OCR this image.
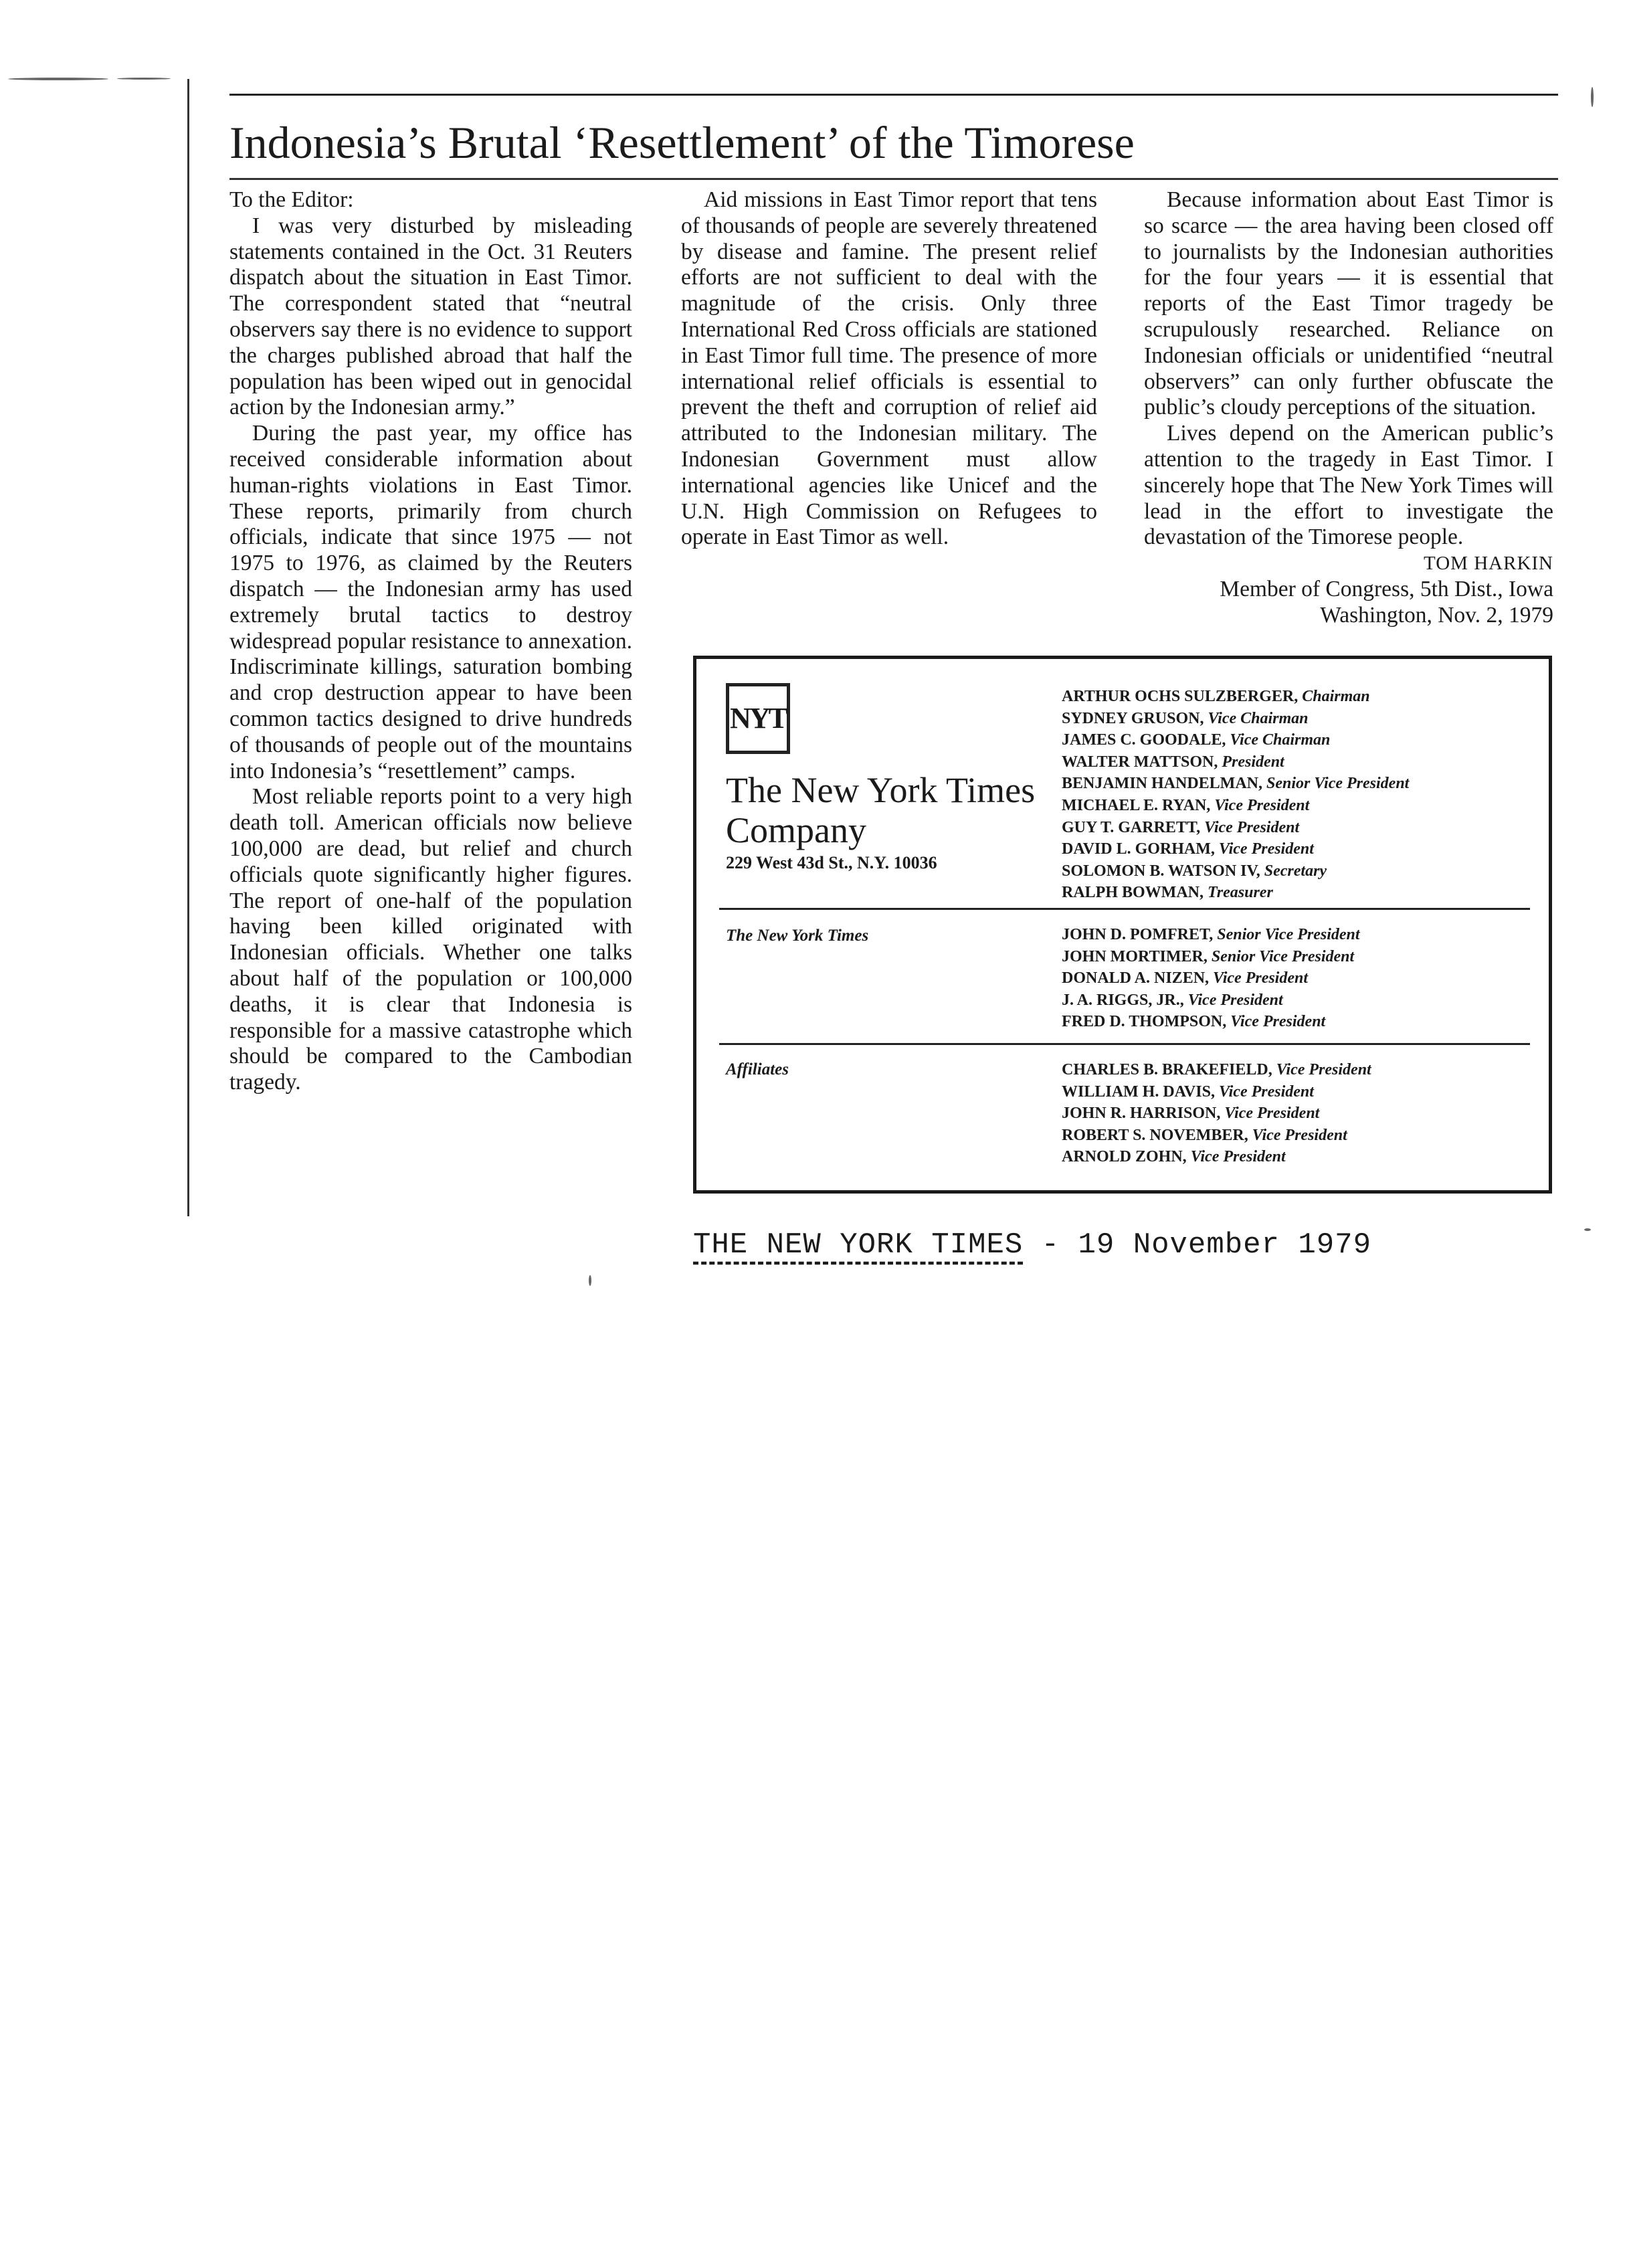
Indonesia’s Brutal ‘Resettlement’ of the Timorese

To the Editor:

I was very disturbed by misleading statements contained in the Oct. 31 Reuters dispatch about the situation in East Timor. The correspondent stated that “neutral observers say there is no evidence to support the charges published abroad that half the population has been wiped out in genocidal action by the Indonesian army.”

During the past year, my office has received considerable information about human-rights violations in East Timor. These reports, primarily from church officials, indicate that since 1975 — not 1975 to 1976, as claimed by the Reuters dispatch — the Indonesian army has used extremely brutal tactics to destroy widespread popular resistance to annexation. Indiscriminate killings, saturation bombing and crop destruction appear to have been common tactics designed to drive hundreds of thousands of people out of the mountains into Indonesia’s “resettlement” camps.

Most reliable reports point to a very high death toll. American officials now believe 100,000 are dead, but relief and church officials quote significantly higher figures. The report of one-half of the population having been killed originated with Indonesian officials. Whether one talks about half of the population or 100,000 deaths, it is clear that Indonesia is responsible for a massive catastrophe which should be compared to the Cambodian tragedy.

Aid missions in East Timor report that tens of thousands of people are severely threatened by disease and famine. The present relief efforts are not sufficient to deal with the magnitude of the crisis. Only three International Red Cross officials are stationed in East Timor full time. The presence of more international relief officials is essential to prevent the theft and corruption of relief aid attributed to the Indonesian military. The Indonesian Government must allow international agencies like Unicef and the U.N. High Commission on Refugees to operate in East Timor as well.

Because information about East Timor is so scarce — the area having been closed off to journalists by the Indonesian authorities for the four years — it is essential that reports of the East Timor tragedy be scrupulously researched. Reliance on Indonesian officials or unidentified “neutral observers” can only further obfuscate the public’s cloudy perceptions of the situation.

Lives depend on the American public’s attention to the tragedy in East Timor. I sincerely hope that The New York Times will lead in the effort to investigate the devastation of the Timorese people.

TOM HARKIN
Member of Congress, 5th Dist., Iowa
Washington, Nov. 2, 1979
NYT
The New York Times
Company
229 West 43d St., N.Y. 10036
ARTHUR OCHS SULZBERGER, Chairman
SYDNEY GRUSON, Vice Chairman
JAMES C. GOODALE, Vice Chairman
WALTER MATTSON, President
BENJAMIN HANDELMAN, Senior Vice President
MICHAEL E. RYAN, Vice President
GUY T. GARRETT, Vice President
DAVID L. GORHAM, Vice President
SOLOMON B. WATSON IV, Secretary
RALPH BOWMAN, Treasurer
The New York Times	JOHN D. POMFRET, Senior Vice President
JOHN MORTIMER, Senior Vice President
DONALD A. NIZEN, Vice President
J. A. RIGGS, JR., Vice President
FRED D. THOMPSON, Vice President
Affiliates	CHARLES B. BRAKEFIELD, Vice President
WILLIAM H. DAVIS, Vice President
JOHN R. HARRISON, Vice President
ROBERT S. NOVEMBER, Vice President
ARNOLD ZOHN, Vice President
THE NEW YORK TIMES - 19 November 1979
